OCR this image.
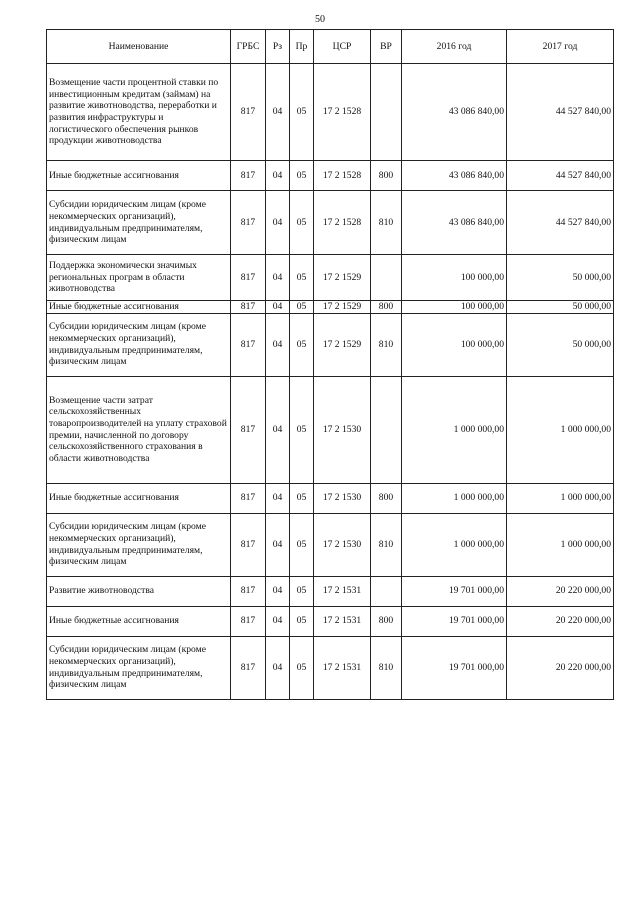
50
Наименование	ГРБС	Рз	Пр	ЦСР	ВР	2016 год	2017 год
Возмещение части процентной ставки по инвестиционным кредитам (займам) на развитие животноводства, переработки и развития инфраструктуры и логистического обеспечения рынков продукции животноводства	817	04	05	17 2 1528		43 086 840,00	44 527 840,00
Иные бюджетные ассигнования	817	04	05	17 2 1528	800	43 086 840,00	44 527 840,00
Субсидии юридическим лицам (кроме некоммерческих организаций), индивидуальным предпринимателям, физическим лицам	817	04	05	17 2 1528	810	43 086 840,00	44 527 840,00
Поддержка экономически значимых региональных програм в области животноводства	817	04	05	17 2 1529		100 000,00	50 000,00
Иные бюджетные ассигнования	817	04	05	17 2 1529	800	100 000,00	50 000,00
Субсидии юридическим лицам (кроме некоммерческих организаций), индивидуальным предпринимателям, физическим лицам	817	04	05	17 2 1529	810	100 000,00	50 000,00
Возмещение части затрат сельскохозяйственных товаропроизводителей на уплату страховой премии, начисленной по договору сельскохозяйственного страхования в области животноводства	817	04	05	17 2 1530		1 000 000,00	1 000 000,00
Иные бюджетные ассигнования	817	04	05	17 2 1530	800	1 000 000,00	1 000 000,00
Субсидии юридическим лицам (кроме некоммерческих организаций), индивидуальным предпринимателям, физическим лицам	817	04	05	17 2 1530	810	1 000 000,00	1 000 000,00
Развитие животноводства	817	04	05	17 2 1531		19 701 000,00	20 220 000,00
Иные бюджетные ассигнования	817	04	05	17 2 1531	800	19 701 000,00	20 220 000,00
Субсидии юридическим лицам (кроме некоммерческих организаций), индивидуальным предпринимателям, физическим лицам	817	04	05	17 2 1531	810	19 701 000,00	20 220 000,00
